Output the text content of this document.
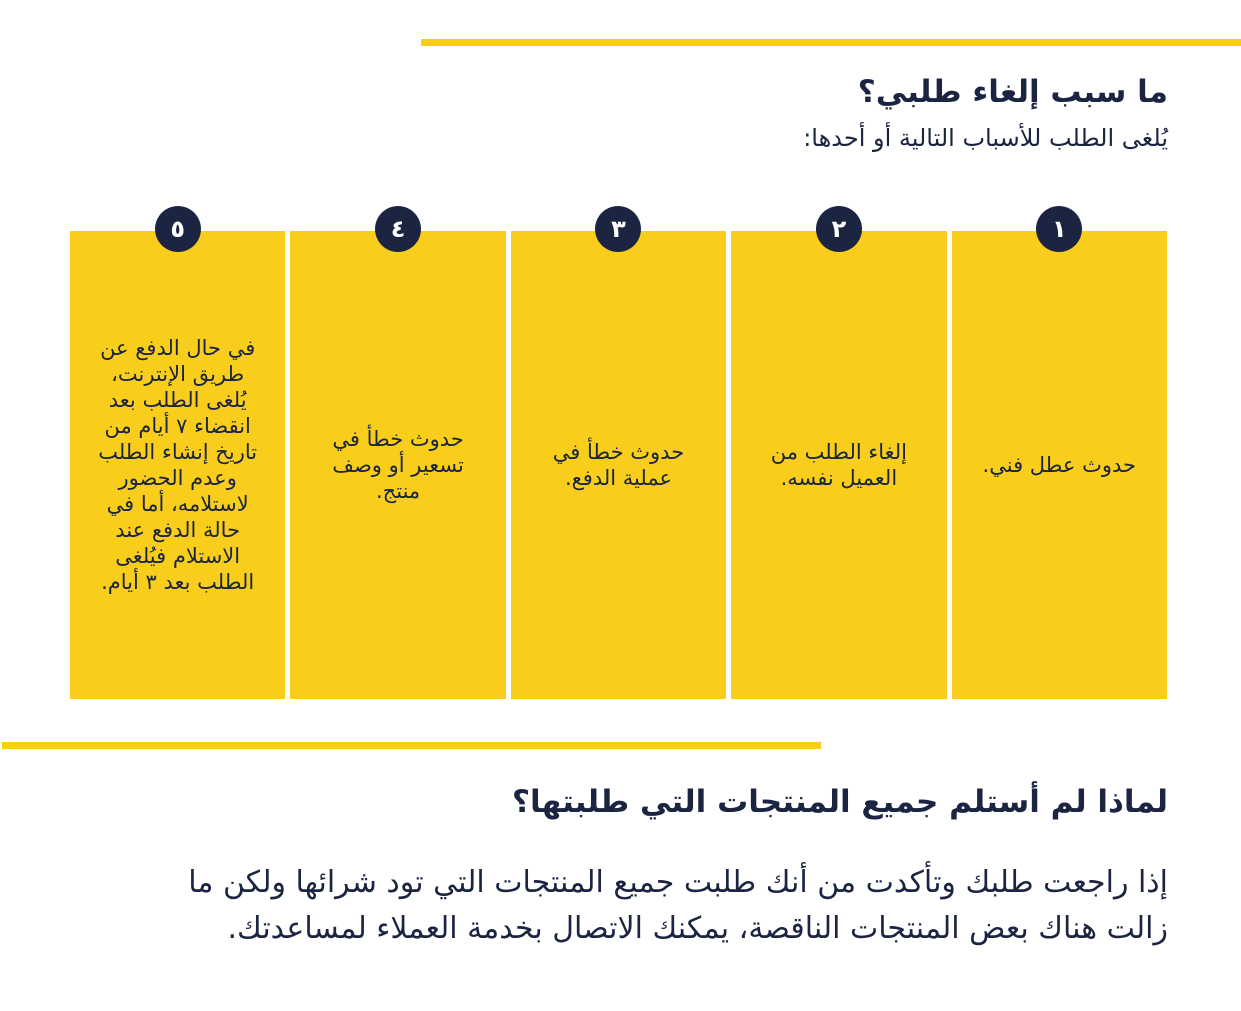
ما سبب إلغاء طلبي؟
يُلغى الطلب للأسباب التالية أو أحدها:
١
حدوث عطل فني.
٢
إلغاء الطلب من العميل نفسه.
٣
حدوث خطأ في عملية الدفع.
٤
حدوث خطأ في تسعير أو وصف منتج.
٥
في حال الدفع عن طريق الإنترنت، يُلغى الطلب بعد انقضاء ٧ أيام من تاريخ إنشاء الطلب وعدم الحضور لاستلامه، أما في حالة الدفع عند الاستلام فيُلغى الطلب بعد ٣ أيام.
لماذا لم أستلم جميع المنتجات التي طلبتها؟
إذا راجعت طلبك وتأكدت من أنك طلبت جميع المنتجات التي تود شرائها ولكن ما زالت هناك بعض المنتجات الناقصة، يمكنك الاتصال بخدمة العملاء لمساعدتك.
